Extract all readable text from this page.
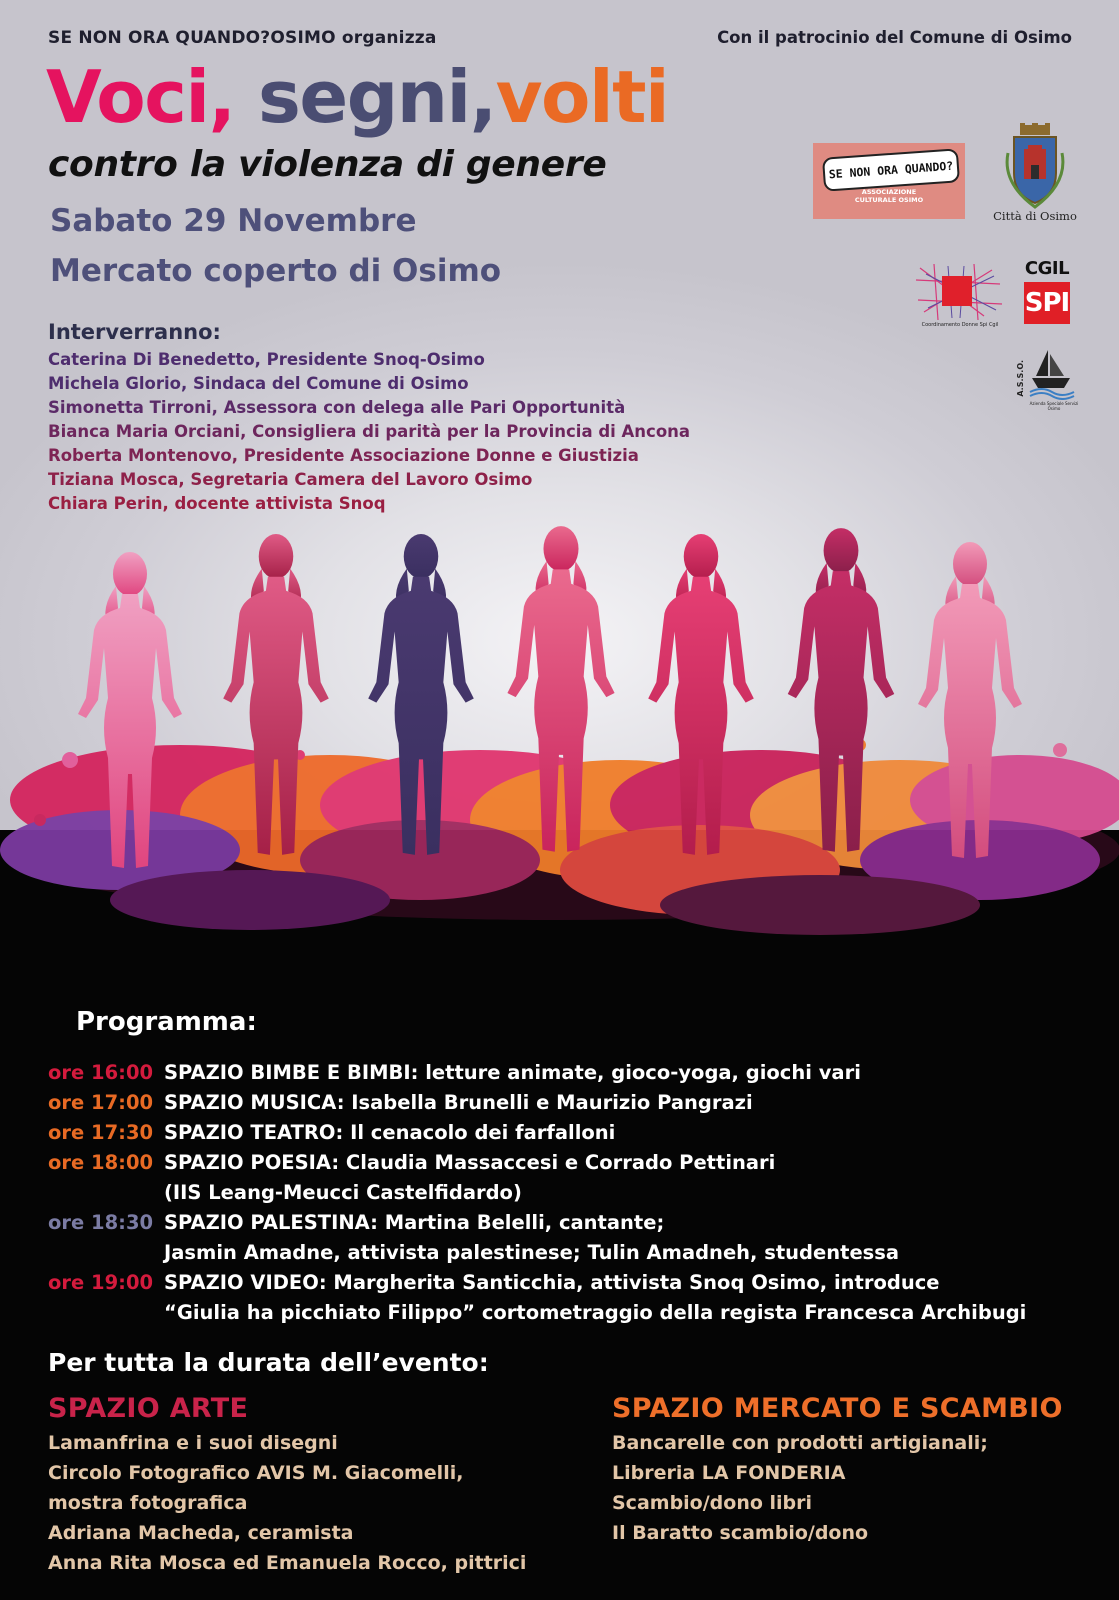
SE NON ORA QUANDO?OSIMO organizza	Con il patrocinio del Comune di Osimo
Voci, segni,volti
contro la violenza di genere
Sabato 29 Novembre
Mercato coperto di Osimo
Interverranno:
Caterina Di Benedetto, Presidente Snoq-Osimo
Michela Glorio, Sindaca del Comune di Osimo
Simonetta Tirroni, Assessora con delega alle Pari Opportunità
Bianca Maria Orciani, Consigliera di parità per la Provincia di Ancona
Roberta Montenovo, Presidente Associazione Donne e Giustizia
Tiziana Mosca, Segretaria Camera del Lavoro Osimo
Chiara Perin, docente attivista Snoq
SE NON ORA QUANDO?
ASSOCIAZIONE CULTURALE OSIMO
Città di Osimo
Coordinamento Donne Spi Cgil
CGIL
SPI
A.S.S.O.
Azienda Speciale Servizi Osimo
Programma:
ore 16:00 SPAZIO BIMBE E BIMBI: letture animate, gioco-yoga, giochi vari
ore 17:00 SPAZIO MUSICA: Isabella Brunelli e Maurizio Pangrazi
ore 17:30 SPAZIO TEATRO: Il cenacolo dei farfalloni
ore 18:00 SPAZIO POESIA: Claudia Massaccesi e Corrado Pettinari
(IIS Leang-Meucci Castelfidardo)
ore 18:30 SPAZIO PALESTINA: Martina Belelli, cantante;
Jasmin Amadne, attivista palestinese; Tulin Amadneh, studentessa
ore 19:00 SPAZIO VIDEO: Margherita Santicchia, attivista Snoq Osimo, introduce
“Giulia ha picchiato Filippo” cortometraggio della regista Francesca Archibugi
Per tutta la durata dell’evento:
SPAZIO ARTE
Lamanfrina e i suoi disegni
Circolo Fotografico AVIS M. Giacomelli,
mostra fotografica
Adriana Macheda, ceramista
Anna Rita Mosca ed Emanuela Rocco, pittrici
SPAZIO MERCATO E SCAMBIO
Bancarelle con prodotti artigianali;
Libreria LA FONDERIA
Scambio/dono libri
Il Baratto scambio/dono
